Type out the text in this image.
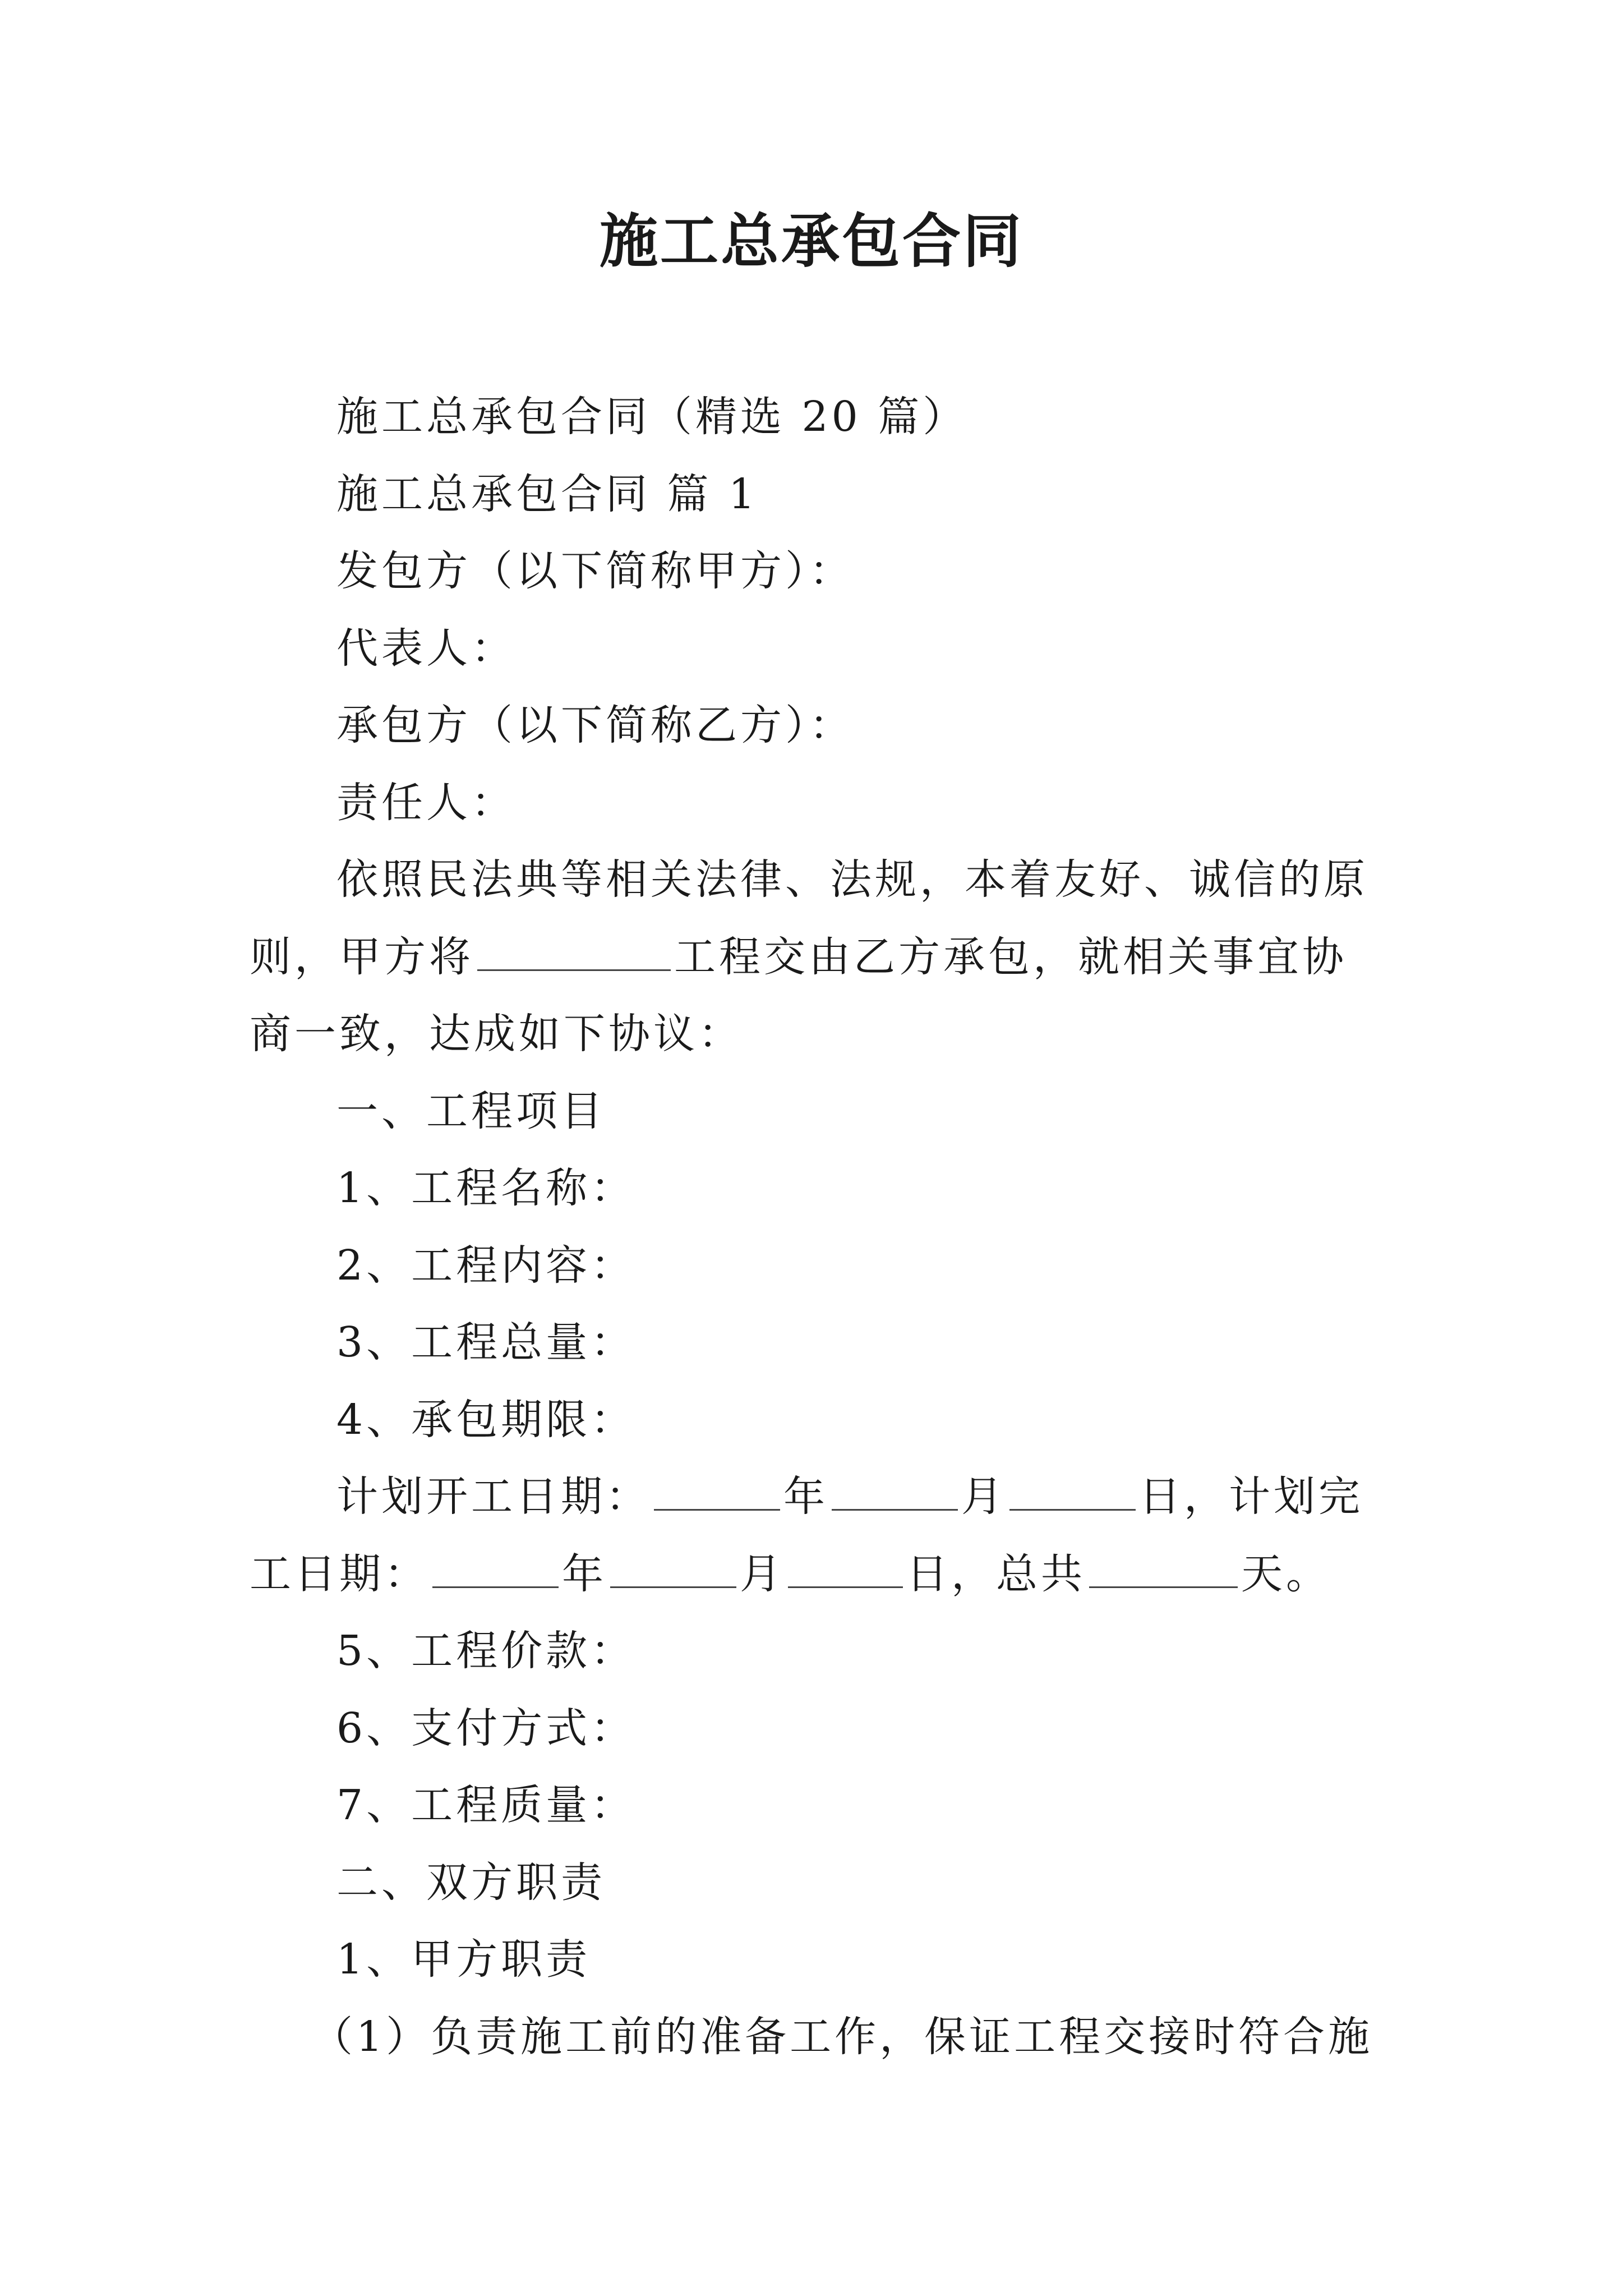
施工总承包合同

施工总承包合同（精选 20 篇）

施工总承包合同 篇 1

发包方（以下简称甲方）：

代表人：

承包方（以下简称乙方）：

责任人：

依照民法典等相关法律、法规，本着友好、诚信的原则，甲方将	工程交由乙方承包，就相关事宜协商一致，达成如下协议：

一、工程项目

1、工程名称：

2、工程内容：

3、工程总量：

4、承包期限：

计划开工日期：	年	月	日，计划完工日期：	年	月	日，总共	天。

5、工程价款：

6、支付方式：

7、工程质量：

二、双方职责

1、甲方职责

（1）负责施工前的准备工作，保证工程交接时符合施
